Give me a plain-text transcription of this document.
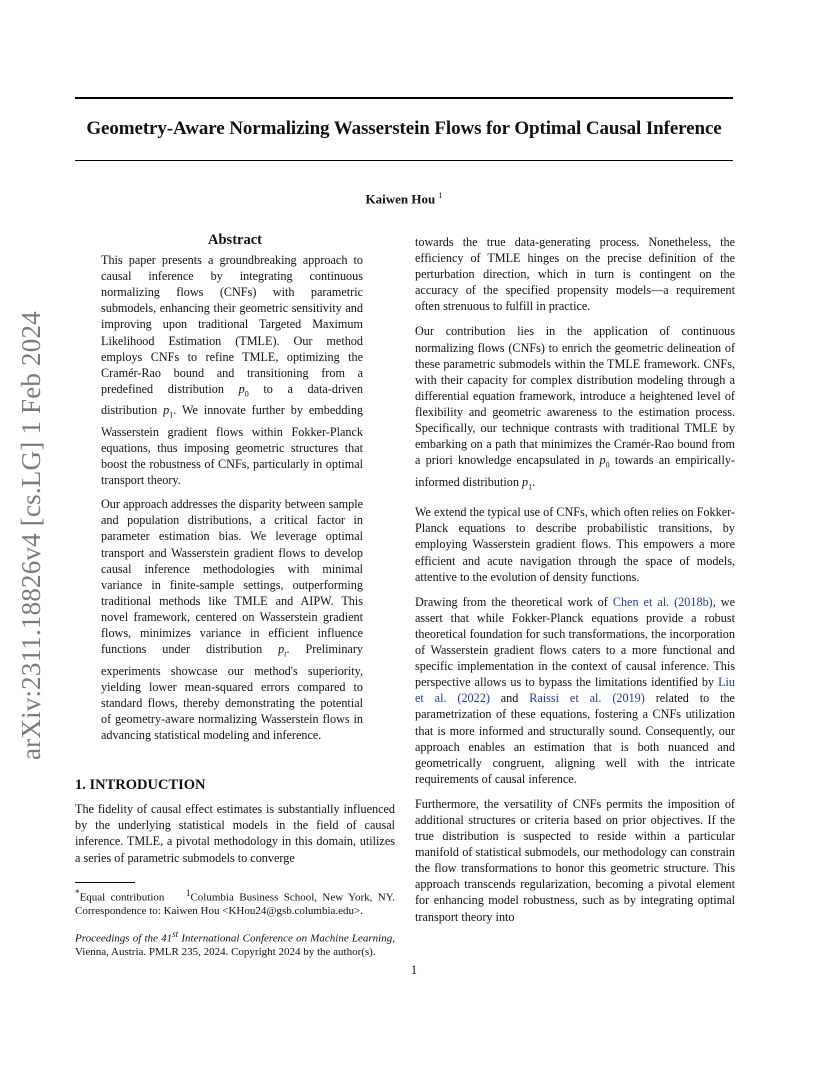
arXiv:2311.18826v4 [cs.LG] 1 Feb 2024
Geometry-Aware Normalizing Wasserstein Flows for Optimal Causal Inference
Kaiwen Hou $^1$
Abstract

This paper presents a groundbreaking approach to causal inference by integrating continuous normalizing flows (CNFs) with parametric submodels, enhancing their geometric sensitivity and improving upon traditional Targeted Maximum Likelihood Estimation (TMLE). Our method employs CNFs to refine TMLE, optimizing the Cramér-Rao bound and transitioning from a predefined distribution $p_0$ to a data-driven distribution $p_1$. We innovate further by embedding Wasserstein gradient flows within Fokker-Planck equations, thus imposing geometric structures that boost the robustness of CNFs, particularly in optimal transport theory.

Our approach addresses the disparity between sample and population distributions, a critical factor in parameter estimation bias. We leverage optimal transport and Wasserstein gradient flows to develop causal inference methodologies with minimal variance in finite-sample settings, outperforming traditional methods like TMLE and AIPW. This novel framework, centered on Wasserstein gradient flows, minimizes variance in efficient influence functions under distribution $p_t$. Preliminary experiments showcase our method's superiority, yielding lower mean-squared errors compared to standard flows, thereby demonstrating the potential of geometry-aware normalizing Wasserstein flows in advancing statistical modeling and inference.

1. INTRODUCTION

The fidelity of causal effect estimates is substantially influenced by the underlying statistical models in the field of causal inference. TMLE, a pivotal methodology in this domain, utilizes a series of parametric submodels to converge

*Equal contribution $^1$Columbia Business School, New York, NY. Correspondence to: Kaiwen Hou <KHou24@gsb.columbia.edu>.
Proceedings of the 41st International Conference on Machine Learning, Vienna, Austria. PMLR 235, 2024. Copyright 2024 by the author(s).

towards the true data-generating process. Nonetheless, the efficiency of TMLE hinges on the precise definition of the perturbation direction, which in turn is contingent on the accuracy of the specified propensity models—a requirement often strenuous to fulfill in practice.

Our contribution lies in the application of continuous normalizing flows (CNFs) to enrich the geometric delineation of these parametric submodels within the TMLE framework. CNFs, with their capacity for complex distribution modeling through a differential equation framework, introduce a heightened level of flexibility and geometric awareness to the estimation process. Specifically, our technique contrasts with traditional TMLE by embarking on a path that minimizes the Cramér-Rao bound from a priori knowledge encapsulated in $p_0$ towards an empirically-informed distribution $p_1$.

We extend the typical use of CNFs, which often relies on Fokker-Planck equations to describe probabilistic transitions, by employing Wasserstein gradient flows. This empowers a more efficient and acute navigation through the space of models, attentive to the evolution of density functions.

Drawing from the theoretical work of Chen et al. (2018b), we assert that while Fokker-Planck equations provide a robust theoretical foundation for such transformations, the incorporation of Wasserstein gradient flows caters to a more functional and specific implementation in the context of causal inference. This perspective allows us to bypass the limitations identified by Liu et al. (2022) and Raissi et al. (2019) related to the parametrization of these equations, fostering a CNFs utilization that is more informed and structurally sound. Consequently, our approach enables an estimation that is both nuanced and geometrically congruent, aligning well with the intricate requirements of causal inference.

Furthermore, the versatility of CNFs permits the imposition of additional structures or criteria based on prior objectives. If the true distribution is suspected to reside within a particular manifold of statistical submodels, our methodology can constrain the flow transformations to honor this geometric structure. This approach transcends regularization, becoming a pivotal element for enhancing model robustness, such as by integrating optimal transport theory into

1
